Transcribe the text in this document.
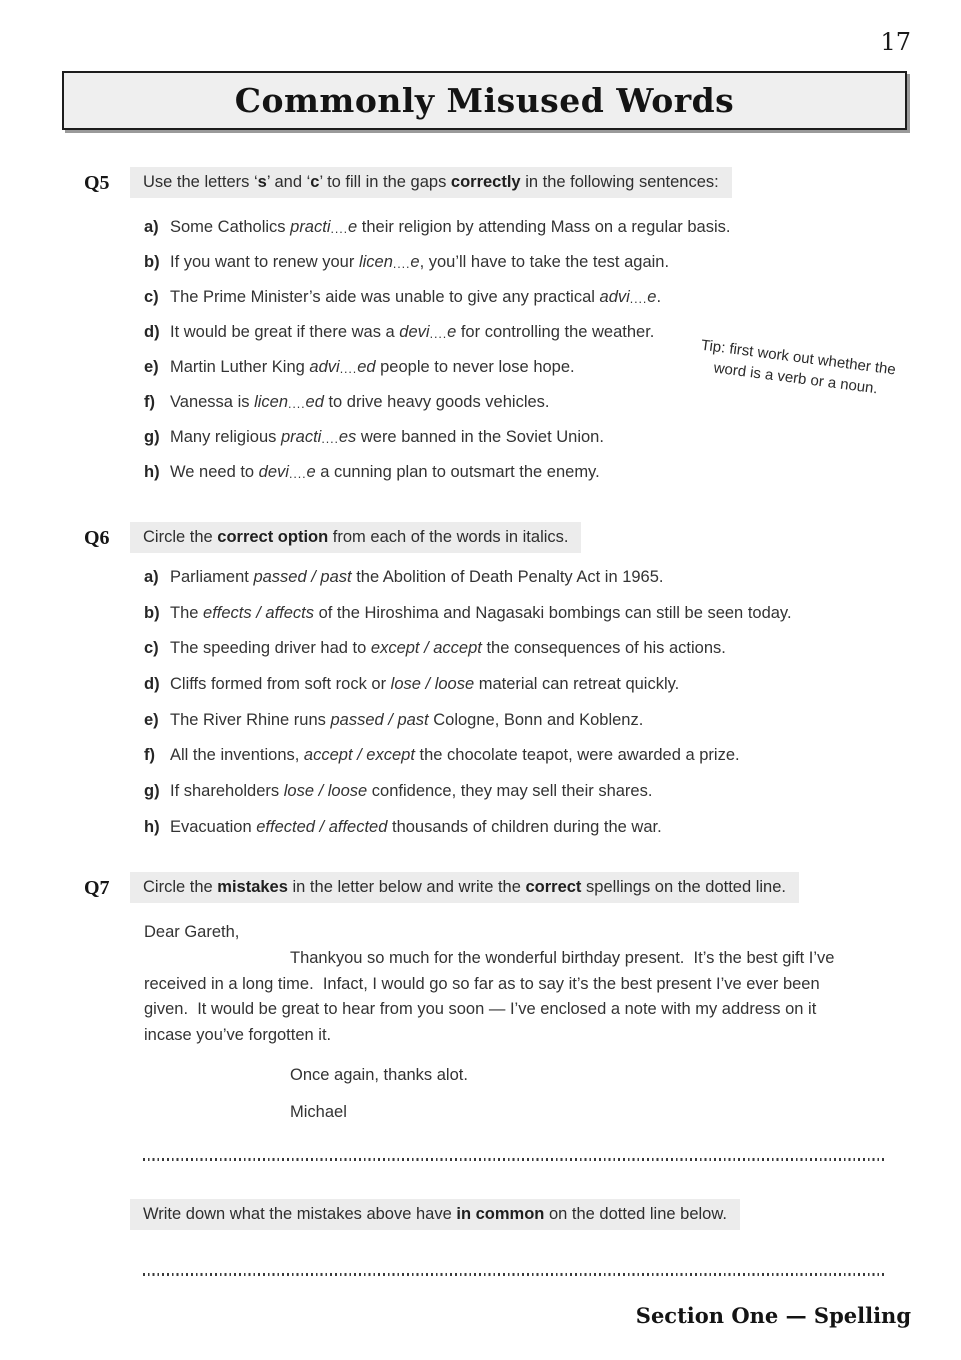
17
Commonly Misused Words
Q5	Use the letters ‘s’ and ‘c’ to fill in the gaps correctly in the following sentences:
a) Some Catholics practi....e their religion by attending Mass on a regular basis.
b) If you want to renew your licen....e, you’ll have to take the test again.
c) The Prime Minister’s aide was unable to give any practical advi....e.
d) It would be great if there was a devi....e for controlling the weather.
e) Martin Luther King advi....ed people to never lose hope.
f) Vanessa is licen....ed to drive heavy goods vehicles.
g) Many religious practi....es were banned in the Soviet Union.
h) We need to devi....e a cunning plan to outsmart the enemy.
Tip: first work out whether the word is a verb or a noun.
Q6	Circle the correct option from each of the words in italics.
a) Parliament passed / past the Abolition of Death Penalty Act in 1965.
b) The effects / affects of the Hiroshima and Nagasaki bombings can still be seen today.
c) The speeding driver had to except / accept the consequences of his actions.
d) Cliffs formed from soft rock or lose / loose material can retreat quickly.
e) The River Rhine runs passed / past Cologne, Bonn and Koblenz.
f) All the inventions, accept / except the chocolate teapot, were awarded a prize.
g) If shareholders lose / loose confidence, they may sell their shares.
h) Evacuation effected / affected thousands of children during the war.
Q7	Circle the mistakes in the letter below and write the correct spellings on the dotted line.
Dear Gareth,
Thankyou so much for the wonderful birthday present.  It’s the best gift I’ve
received in a long time.  Infact, I would go so far as to say it’s the best present I’ve ever been
given.  It would be great to hear from you soon — I’ve enclosed a note with my address on it
incase you’ve forgotten it.
Once again, thanks alot.
Michael
Write down what the mistakes above have in common on the dotted line below.
Section One — Spelling
